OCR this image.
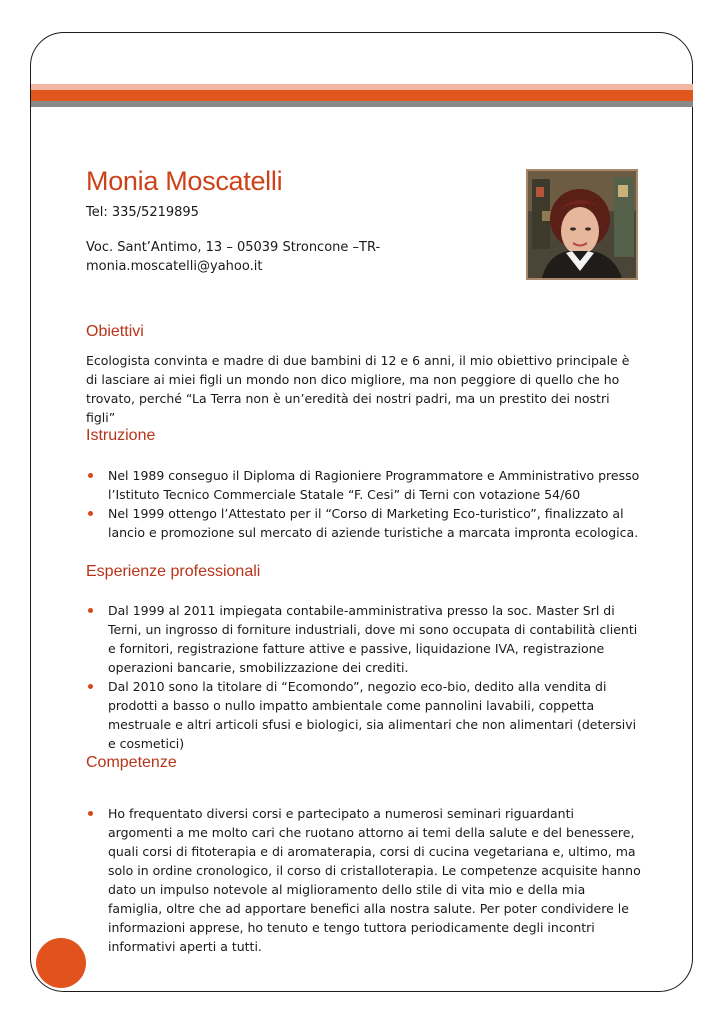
Monia Moscatelli
Tel: 335/5219895
Voc. Sant’Antimo, 13 – 05039 Stroncone –TR-
monia.moscatelli@yahoo.it
Obiettivi

Ecologista convinta e madre di due bambini di 12 e 6 anni, il mio obiettivo principale è di lasciare ai miei figli un mondo non dico migliore, ma non peggiore di quello che ho trovato, perché “La Terra non è un’eredità dei nostri padri, ma un prestito dei nostri figli”

Istruzione
Nel 1989 conseguo il Diploma di Ragioniere Programmatore e Amministrativo presso l’Istituto Tecnico Commerciale Statale “F. Cesi” di Terni con votazione 54/60
Nel 1999 ottengo l’Attestato per il “Corso di Marketing Eco-turistico”, finalizzato al lancio e promozione sul mercato di aziende turistiche a marcata impronta ecologica.
Esperienze professionali
Dal 1999 al 2011 impiegata contabile-amministrativa presso la soc. Master Srl di Terni, un ingrosso di forniture industriali, dove mi sono occupata di contabilità clienti e fornitori, registrazione fatture attive e passive, liquidazione IVA, registrazione operazioni bancarie, smobilizzazione dei crediti.
Dal 2010 sono la titolare di “Ecomondo”, negozio eco-bio, dedito alla vendita di prodotti a basso o nullo impatto ambientale come pannolini lavabili, coppetta mestruale e altri articoli sfusi e biologici, sia alimentari che non alimentari (detersivi e cosmetici)
Competenze
Ho frequentato diversi corsi e partecipato a numerosi seminari riguardanti argomenti a me molto cari che ruotano attorno ai temi della salute e del benessere, quali corsi di fitoterapia e di aromaterapia, corsi di cucina vegetariana e, ultimo, ma solo in ordine cronologico, il corso di cristalloterapia. Le competenze acquisite hanno dato un impulso notevole al miglioramento dello stile di vita mio e della mia famiglia, oltre che ad apportare benefici alla nostra salute. Per poter condividere le informazioni apprese, ho tenuto e tengo tuttora periodicamente degli incontri informativi aperti a tutti.
